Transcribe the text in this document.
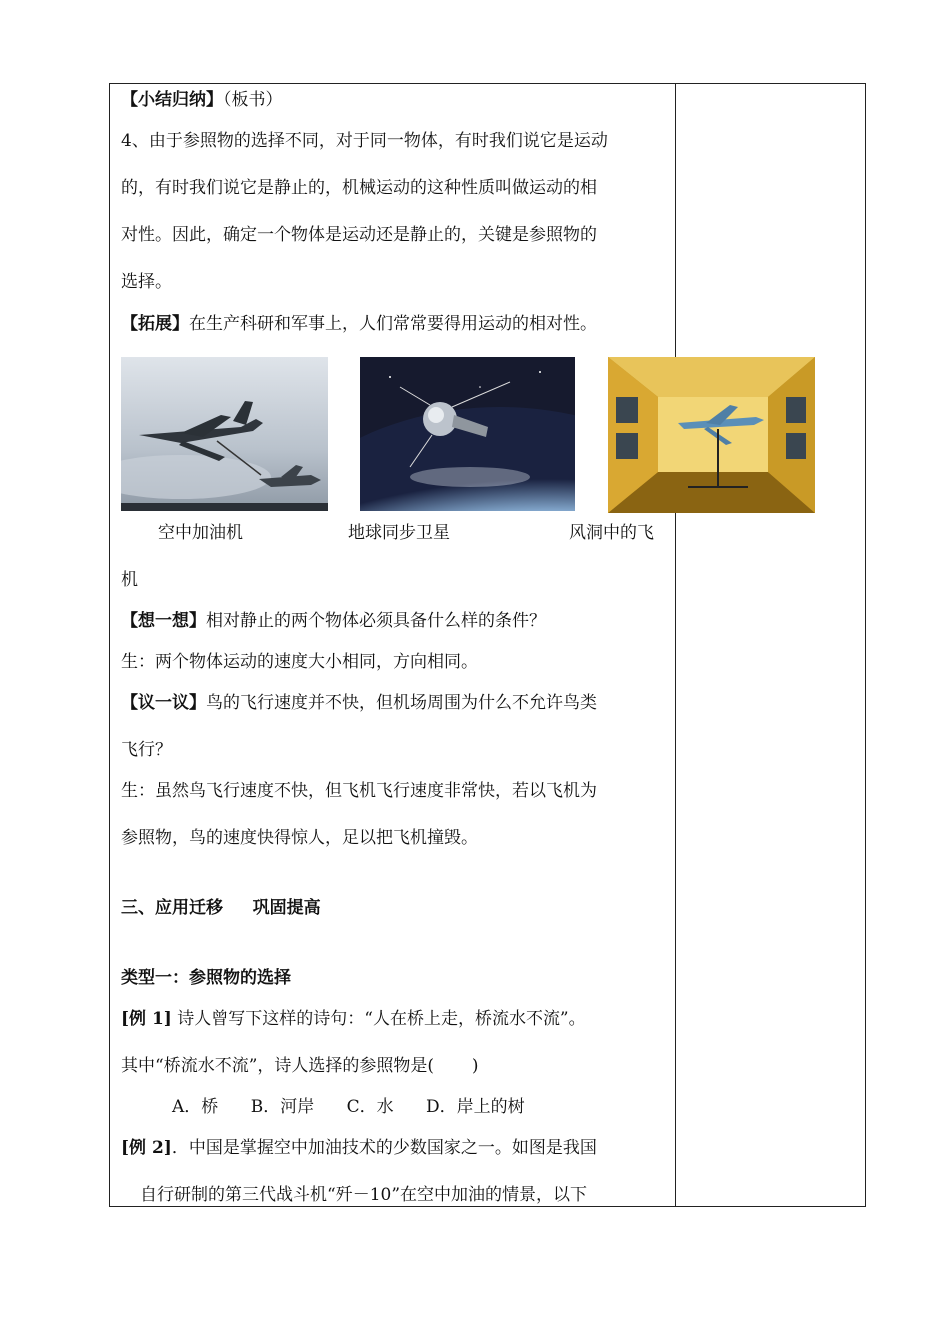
【小结归纳】（板书）
4、由于参照物的选择不同，对于同一物体，有时我们说它是运动
的，有时我们说它是静止的，机械运动的这种性质叫做运动的相
对性。因此，确定一个物体是运动还是静止的，关键是参照物的
选择。
【拓展】在生产科研和军事上，人们常常要得用运动的相对性。
空中加油机	地球同步卫星	风洞中的飞
机
【想一想】相对静止的两个物体必须具备什么样的条件？
生：两个物体运动的速度大小相同，方向相同。
【议一议】鸟的飞行速度并不快，但机场周围为什么不允许鸟类
飞行？
生：虽然鸟飞行速度不快，但飞机飞行速度非常快，若以飞机为
参照物，鸟的速度快得惊人，足以把飞机撞毁。
三、应用迁移     巩固提高
类型一：参照物的选择
[例 1] 诗人曾写下这样的诗句：“人在桥上走，桥流水不流”。
其中“桥流水不流”，诗人选择的参照物是(       )
A．桥      B．河岸      C．水      D．岸上的树
[例 2]．中国是掌握空中加油技术的少数国家之一。如图是我国
自行研制的第三代战斗机“歼－10”在空中加油的情景，以下
